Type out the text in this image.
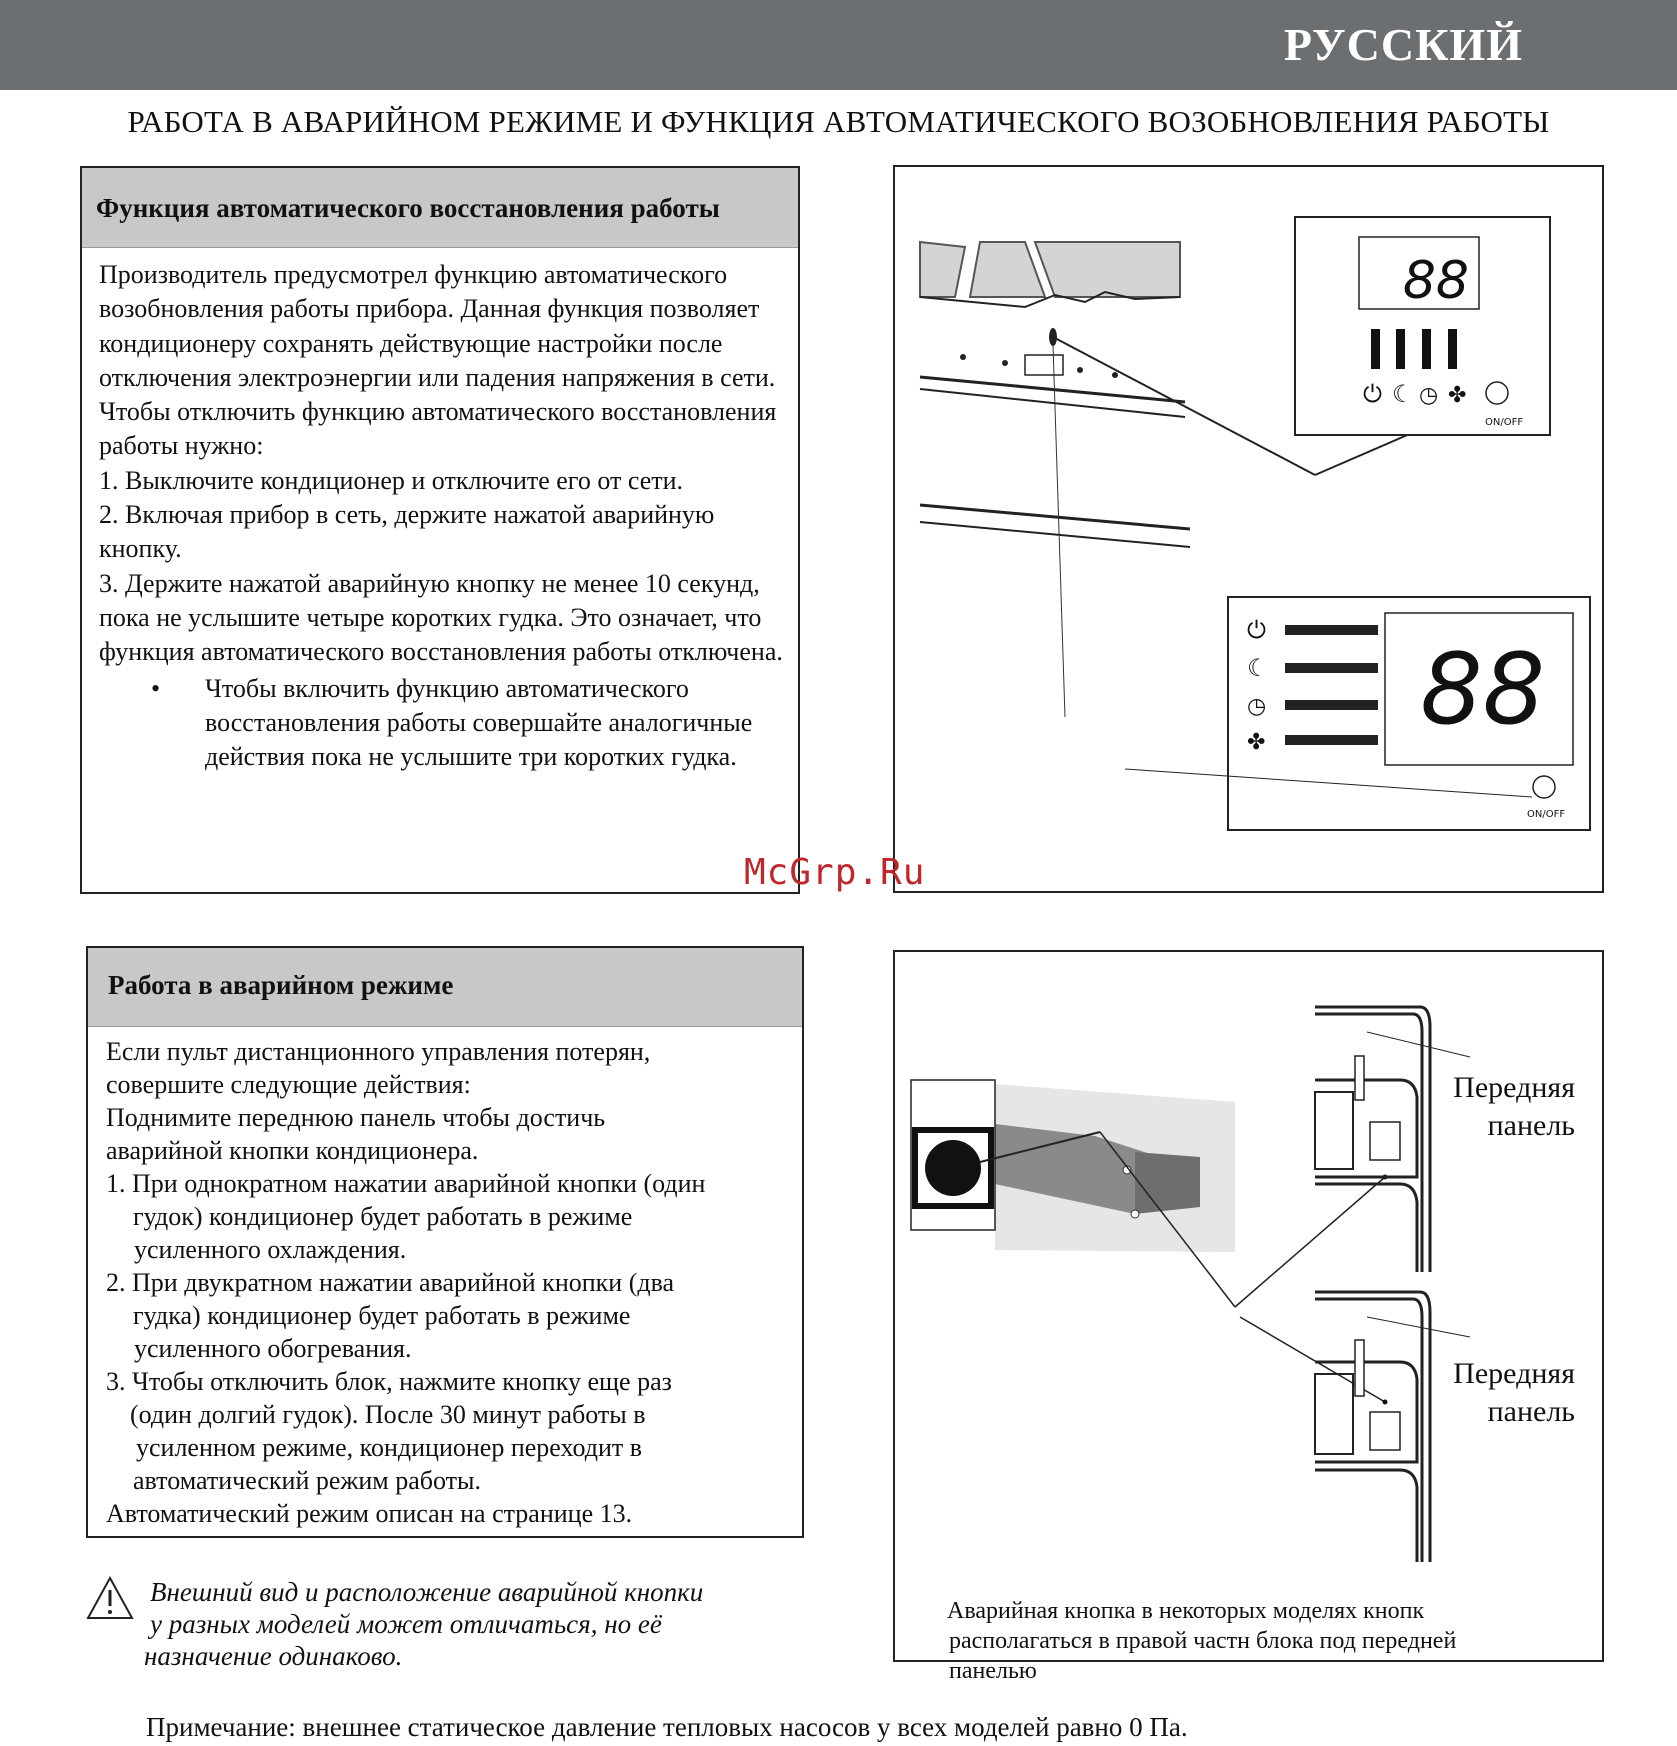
РУССКИЙ
РАБОТА В АВАРИЙНОМ РЕЖИМЕ И ФУНКЦИЯ АВТОМАТИЧЕСКОГО ВОЗОБНОВЛЕНИЯ РАБОТЫ
Функция автоматического восстановления работы

Производитель предусмотрел функцию автоматического возобновления работы прибора. Данная функция позволяет кондиционеру сохранять действующие настройки после отключения электроэнергии или падения напряжения в сети.

Чтобы отключить функцию автоматического восстановления работы нужно:

1. Выключите кондиционер и отключите его от сети.

2. Включая прибор в сеть, держите нажатой аварийную кнопку.

3. Держите нажатой аварийную кнопку не менее 10 секунд, пока не услышите четыре коротких гудка. Это означает, что функция автоматического восстановления работы отключена.

• Чтобы включить функцию автоматического восстановления работы совершайте аналогичные действия пока не услышите три коротких гудка.

Работа в аварийном режиме

Если пульт дистанционного управления потерян,

совершите следующие действия:

Поднимите переднюю панель чтобы достичь

аварийной кнопки кондиционера.

1. При однократном нажатии аварийной кнопки (один

гудок) кондиционер будет работать в режиме

усиленного охлаждения.

2. При двукратном нажатии аварийной кнопки (два

гудка) кондиционер будет работать в режиме

усиленного обогревания.

3. Чтобы отключить блок, нажмите кнопку еще раз

(один долгий гудок). После 30 минут работы в

усиленном режиме, кондиционер переходит в

автоматический режим работы.

Автоматический режим описан на странице 13.

88
⏻ ☾ ◷ ✤
ON/OFF
88
⏻
☾
◷
✤
ON/OFF
McGrp.Ru
Передняя
панель
Передняя
панель
Аварийная кнопка в некоторых моделях кнопк
располагаться в правой частн блока под передней
панелью
Внешний вид и расположение аварийной кнопки
у разных моделей может отличаться, но её
назначение одинаково.
Примечание: внешнее статическое давление тепловых насосов у всех моделей равно 0 Па.
